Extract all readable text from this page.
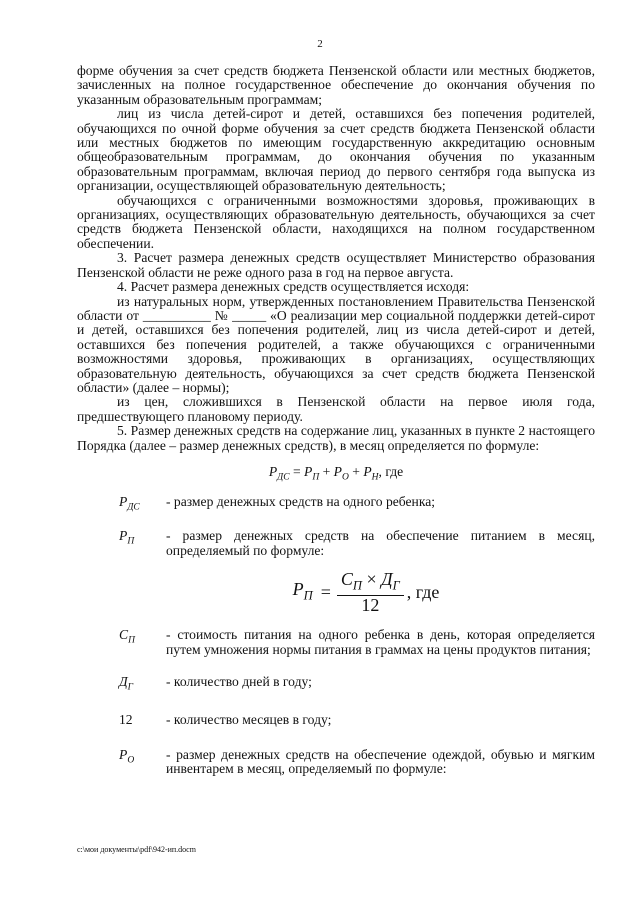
2

форме обучения за счет средств бюджета Пензенской области или местных бюджетов, зачисленных на полное государственное обеспечение до окончания обучения по указанным образовательным программам;

лиц из числа детей-сирот и детей, оставшихся без попечения родителей, обучающихся по очной форме обучения за счет средств бюджета Пензенской области или местных бюджетов по имеющим государственную аккредитацию основным общеобразовательным программам, до окончания обучения по указанным образовательным программам, включая период до первого сентября года выпуска из организации, осуществляющей образовательную деятельность;

обучающихся с ограниченными возможностями здоровья, проживающих в организациях, осуществляющих образовательную деятельность, обучающихся за счет средств бюджета Пензенской области, находящихся на полном государственном обеспечении.

3. Расчет размера денежных средств осуществляет Министерство образования Пензенской области не реже одного раза в год на первое августа.

4. Расчет размера денежных средств осуществляется исходя:

из натуральных норм, утвержденных постановлением Правительства Пензенской области от __________ № _____ «О реализации мер социальной поддержки детей-сирот и детей, оставшихся без попечения родителей, лиц из числа детей-сирот и детей, оставшихся без попечения родителей, а также обучающихся с ограниченными возможностями здоровья, проживающих в организациях, осуществляющих образовательную деятельность, обучающихся за счет средств бюджета Пензенской области» (далее – нормы);

из цен, сложившихся в Пензенской области на первое июля года, предшествующего плановому периоду.

5. Размер денежных средств на содержание лиц, указанных в пункте 2 настоящего Порядка (далее – размер денежных средств), в месяц определяется по формуле:

$Р_{ДС} = Р_П + Р_О + Р_Н$, где
$Р_{ДС}$	- размер денежных средств на одного ребенка;
$Р_П$	- размер денежных средств на обеспечение питанием в месяц, определяемый по формуле:
$Р_П = \frac{С_П \times Д_Г}{12}$ , где
$С_П$	- стоимость питания на одного ребенка в день, которая определяется путем умножения нормы питания в граммах на цены продуктов питания;
$Д_Г$	- количество дней в году;
12	- количество месяцев в году;
$Р_О$	- размер денежных средств на обеспечение одеждой, обувью и мягким инвентарем в месяц, определяемый по формуле:
c:\мои документы\pdf\942-ип.docm
